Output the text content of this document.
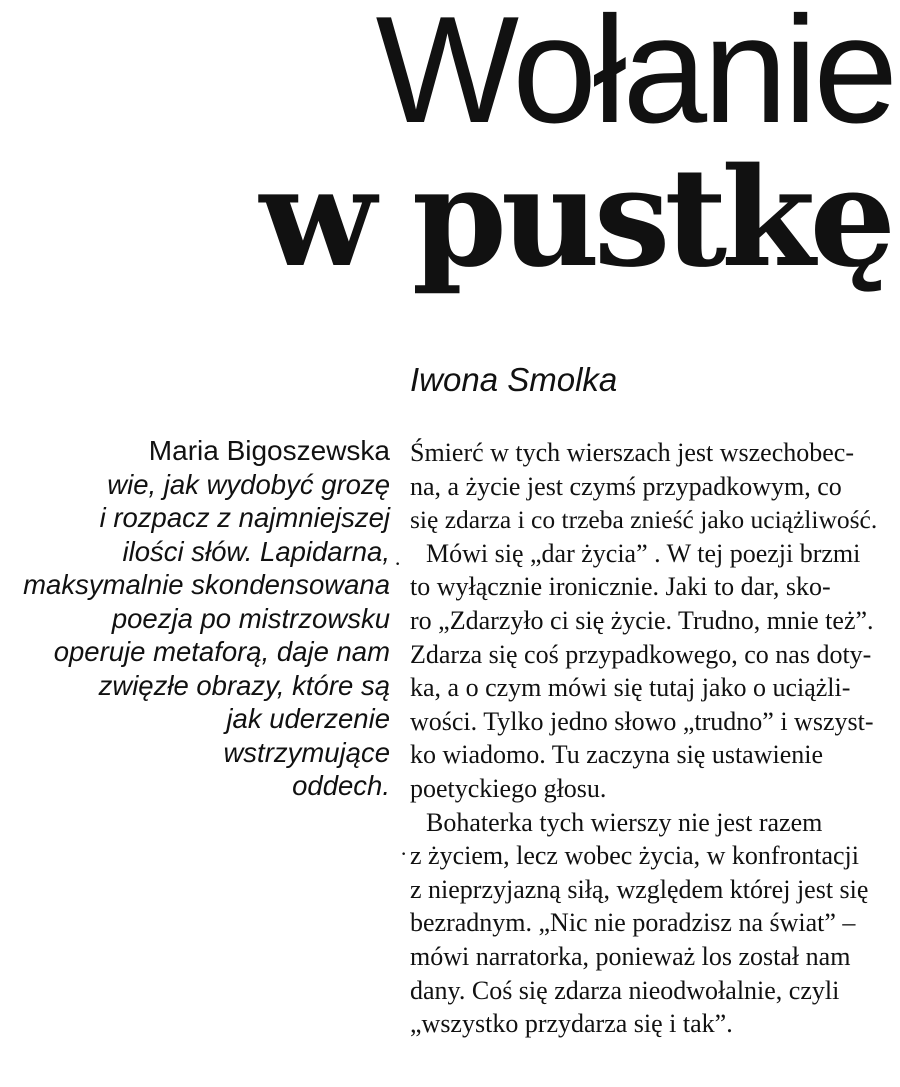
Wołanie
w pustkę
Iwona Smolka
Maria Bigoszewska
wie, jak wydobyć grozę
i rozpacz z najmniejszej
ilości słów. Lapidarna,
maksymalnie skondensowana
poezja po mistrzowsku
operuje metaforą, daje nam
zwięzłe obrazy, które są
jak uderzenie
wstrzymujące
oddech.
·
·
Śmierć w tych wierszach jest wszechobec-
na, a życie jest czymś przypadkowym, co
się zdarza i co trzeba znieść jako uciążliwość.
Mówi się „dar życia” . W tej poezji brzmi
to wyłącznie ironicznie. Jaki to dar, sko-
ro „Zdarzyło ci się życie. Trudno, mnie też”.
Zdarza się coś przypadkowego, co nas doty-
ka, a o czym mówi się tutaj jako o uciążli-
wości. Tylko jedno słowo „trudno” i wszyst-
ko wiadomo. Tu zaczyna się ustawienie
poetyckiego głosu.
Bohaterka tych wierszy nie jest razem
z życiem, lecz wobec życia, w konfrontacji
z nieprzyjazną siłą, względem której jest się
bezradnym. „Nic nie poradzisz na świat” –
mówi narratorka, ponieważ los został nam
dany. Coś się zdarza nieodwołalnie, czyli
„wszystko przydarza się i tak”.
